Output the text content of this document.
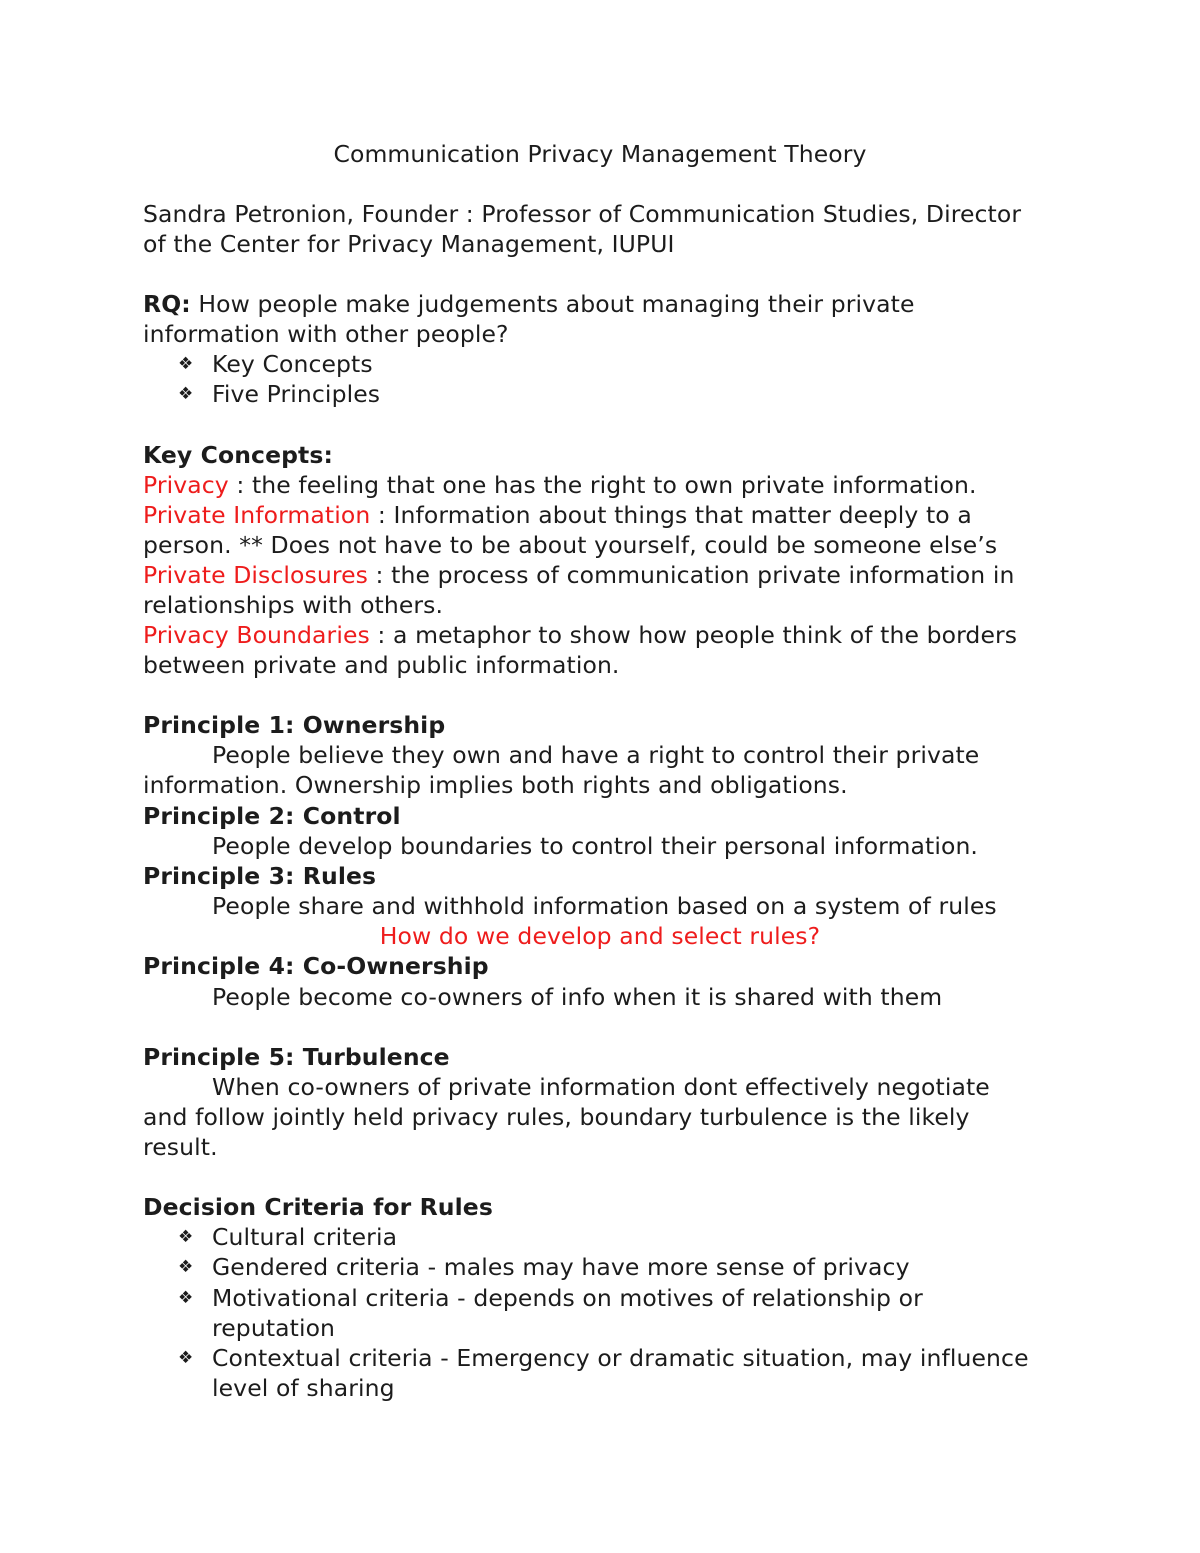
Communication Privacy Management Theory
Sandra Petronion, Founder : Professor of Communication Studies, Director
of the Center for Privacy Management, IUPUI
RQ: How people make judgements about managing their private
information with other people?
❖ Key Concepts
❖ Five Principles
Key Concepts:
Privacy : the feeling that one has the right to own private information.
Private Information : Information about things that matter deeply to a
person. ** Does not have to be about yourself, could be someone else’s
Private Disclosures : the process of communication private information in
relationships with others.
Privacy Boundaries : a metaphor to show how people think of the borders
between private and public information.
Principle 1: Ownership
People believe they own and have a right to control their private
information. Ownership implies both rights and obligations.
Principle 2: Control
People develop boundaries to control their personal information.
Principle 3: Rules
People share and withhold information based on a system of rules
How do we develop and select rules?
Principle 4: Co-Ownership
People become co-owners of info when it is shared with them
Principle 5: Turbulence
When co-owners of private information dont effectively negotiate
and follow jointly held privacy rules, boundary turbulence is the likely
result.
Decision Criteria for Rules
❖ Cultural criteria
❖ Gendered criteria - males may have more sense of privacy
❖ Motivational criteria - depends on motives of relationship or
reputation
❖ Contextual criteria - Emergency or dramatic situation, may influence
level of sharing
